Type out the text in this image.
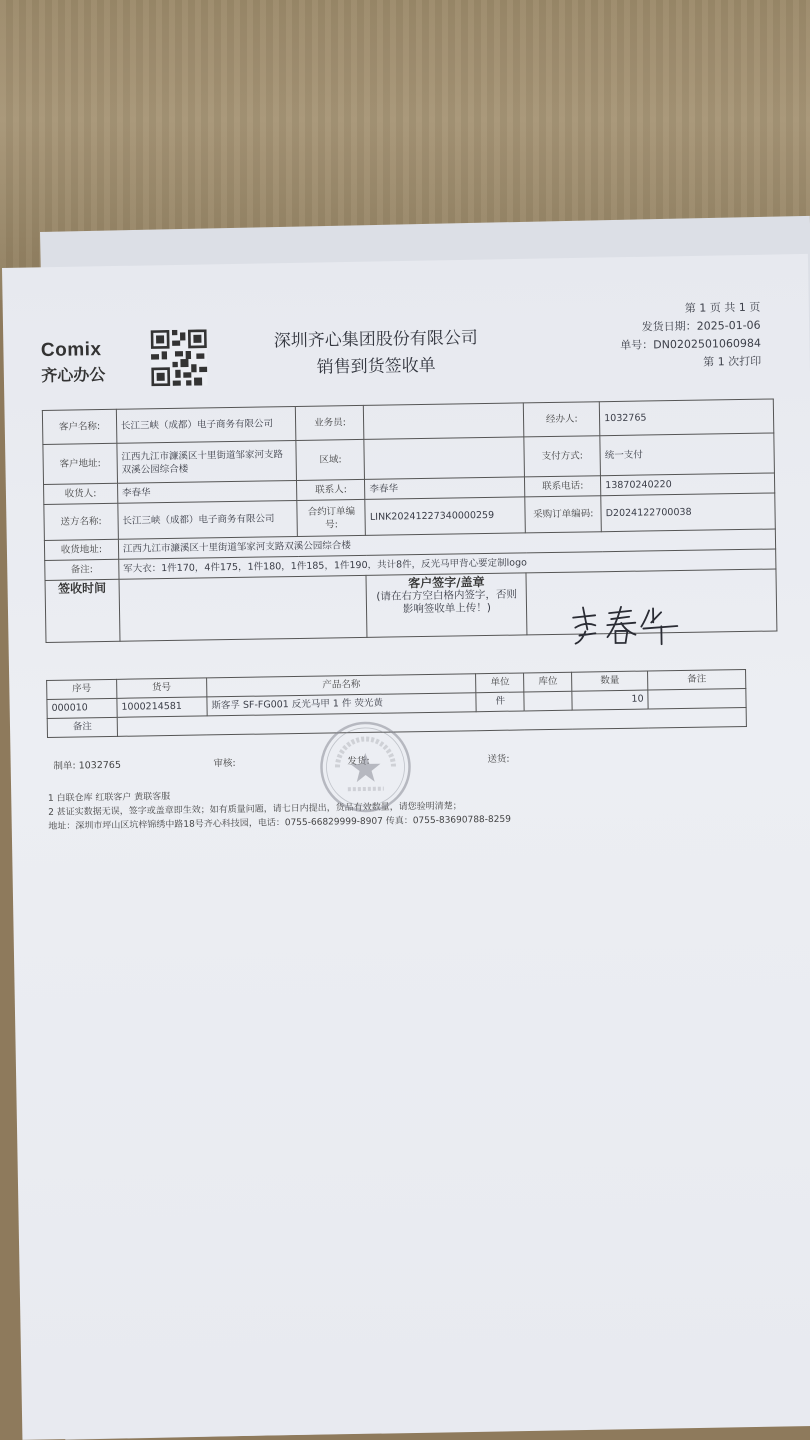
Comix
齐心办公
深圳齐心集团股份有限公司
销售到货签收单
第 1 页 共 1 页
发货日期：2025-01-06
单号：DN0202501060984
第 1 次打印
客户名称:	长江三峡（成都）电子商务有限公司	业务员:		经办人:	1032765
客户地址:	江西九江市濂溪区十里街道邹家河支路双溪公园综合楼	区域:		支付方式:	统一支付
收货人:	李春华	联系人:	李春华	联系电话:	13870240220
送方名称:	长江三峡（成都）电子商务有限公司	合约订单编号:	LINK20241227340000259	采购订单编码:	D2024122700038
收货地址:	江西九江市濂溪区十里街道邹家河支路双溪公园综合楼				
备注:	军大衣：1件170，4件175，1件180，1件185，1件190，共计8件，反光马甲背心要定制logo				
签收时间			客户签字/盖章
(请在右方空白格内签字，否则影响签收单上传！)		

序号	货号	产品名称	单位	库位	数量	备注
000010	1000214581	斯客孚 SF-FG001 反光马甲 1 件 荧光黄	件		10	
备注						
制单: 1032765	审核:	发货:	送货:
1 白联仓库 红联客户 黄联客服
2 甚证实数据无误，签字或盖章即生效；如有质量问题，请七日内提出，货品有效数量，请您验明清楚；
地址：深圳市坪山区坑梓锦绣中路18号齐心科技园，电话：0755-66829999-8907 传真：0755-83690788-8259
